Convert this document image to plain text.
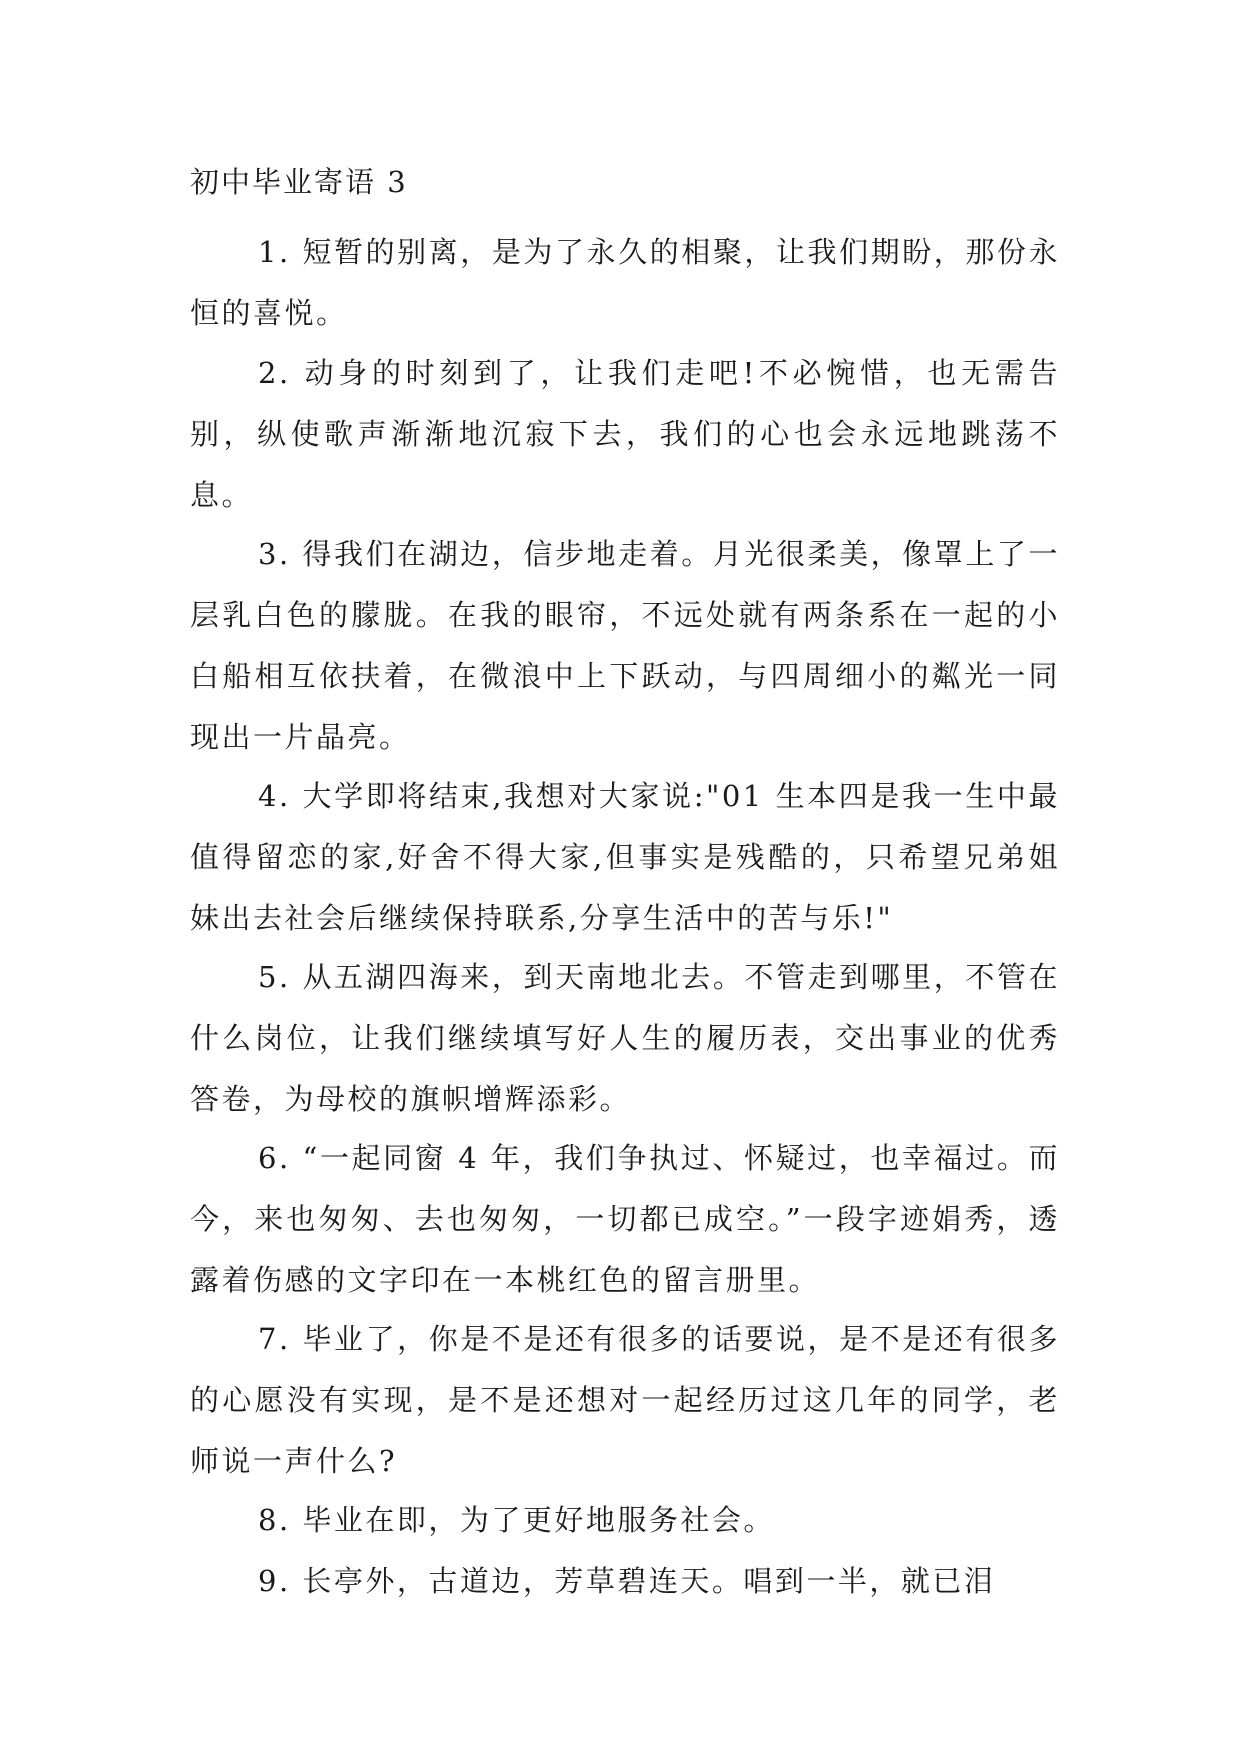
初中毕业寄语 3

1. 短暂的别离，是为了永久的相聚，让我们期盼，那份永恒的喜悦。

2. 动身的时刻到了，让我们走吧!不必惋惜，也无需告别，纵使歌声渐渐地沉寂下去，我们的心也会永远地跳荡不息。

3. 得我们在湖边，信步地走着。月光很柔美，像罩上了一层乳白色的朦胧。在我的眼帘，不远处就有两条系在一起的小白船相互依扶着，在微浪中上下跃动，与四周细小的粼光一同现出一片晶亮。

4. 大学即将结束,我想对大家说:"01 生本四是我一生中最值得留恋的家,好舍不得大家,但事实是残酷的，只希望兄弟姐妹出去社会后继续保持联系,分享生活中的苦与乐!"

5. 从五湖四海来，到天南地北去。不管走到哪里，不管在什么岗位，让我们继续填写好人生的履历表，交出事业的优秀答卷，为母校的旗帜增辉添彩。

6. “一起同窗 4 年，我们争执过、怀疑过，也幸福过。而今，来也匆匆、去也匆匆，一切都已成空。”一段字迹娟秀，透露着伤感的文字印在一本桃红色的留言册里。

7. 毕业了，你是不是还有很多的话要说，是不是还有很多的心愿没有实现，是不是还想对一起经历过这几年的同学，老师说一声什么?

8. 毕业在即，为了更好地服务社会。

9. 长亭外，古道边，芳草碧连天。唱到一半，就已泪
